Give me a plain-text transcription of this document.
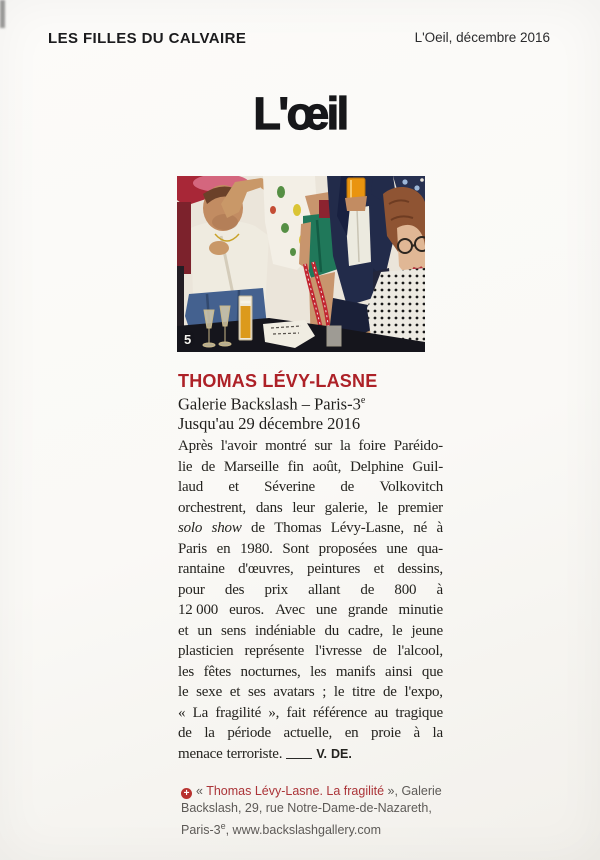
LES FILLES DU CALVAIRE	L'Oeil, décembre 2016
L'œil
5
THOMAS LÉVY-LASNE
Galerie Backslash – Paris-3e
Jusqu'au 29 décembre 2016
Après l'avoir montré sur la foire Paréido-
lie de Marseille fin août, Delphine Guil-
laud et Séverine de Volkovitch
orchestrent, dans leur galerie, le premier
solo show de Thomas Lévy-Lasne, né à
Paris en 1980. Sont proposées une qua-
rantaine d'œuvres, peintures et dessins,
pour des prix allant de 800 à
12 000 euros. Avec une grande minutie
et un sens indéniable du cadre, le jeune
plasticien représente l'ivresse de l'alcool,
les fêtes nocturnes, les manifs ainsi que
le sexe et ses avatars ; le titre de l'expo,
« La fragilité », fait référence au tragique
de la période actuelle, en proie à la
menace terroriste.	V. DE.
+ « Thomas Lévy-Lasne. La fragilité », Galerie
Backslash, 29, rue Notre-Dame-de-Nazareth,
Paris-3e, www.backslashgallery.com
